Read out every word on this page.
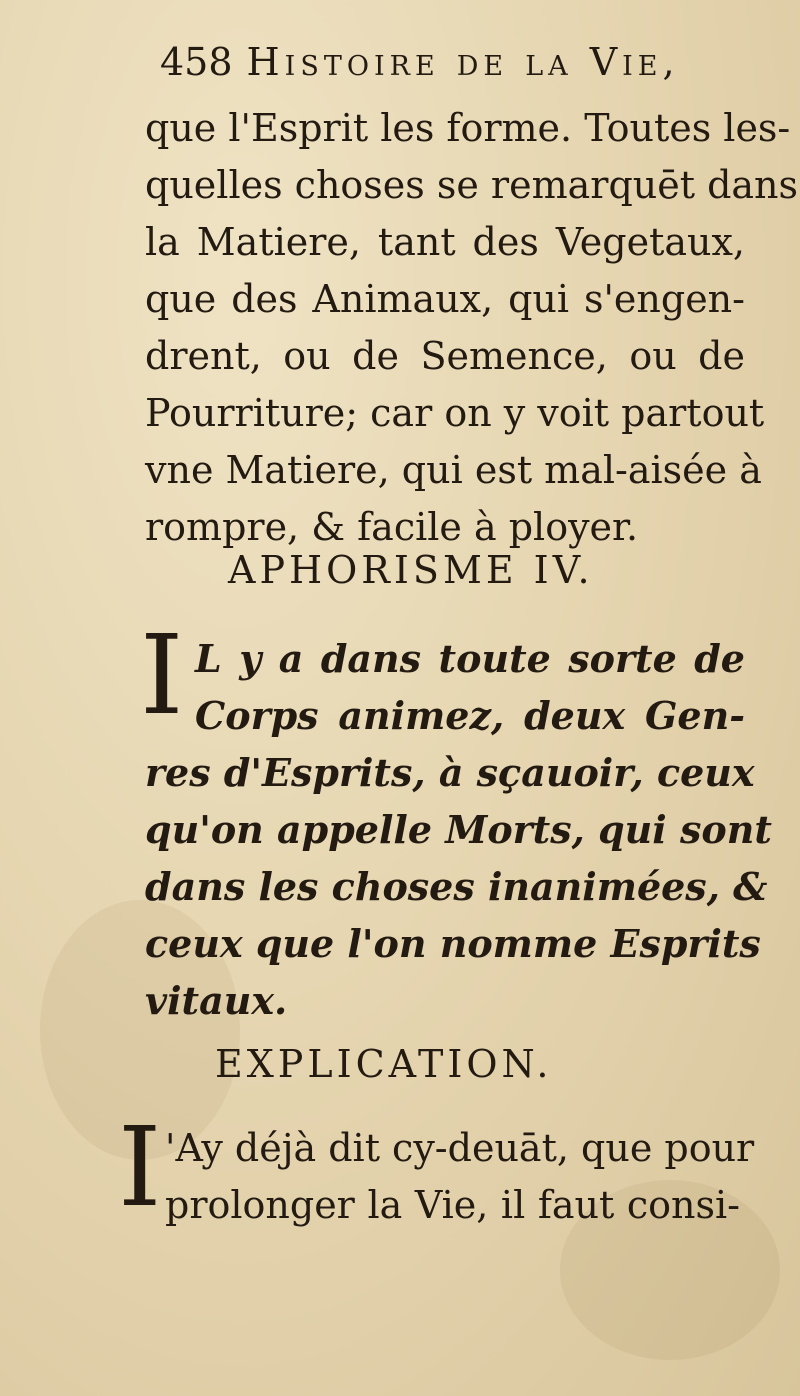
458 Histoire de la Vie,
que l'Esprit les forme. Toutes les-
quelles choses se remarquēt dans
la Matiere, tant des Vegetaux,
que des Animaux, qui s'engen-
drent, ou de Semence, ou de
Pourriture; car on y voit partout
vne Matiere, qui est mal-aisée à
rompre, & facile à ployer.
APHORISME IV.
I L y a dans toute sorte de
Corps animez, deux Gen-
res d'Esprits, à sçauoir, ceux
qu'on appelle Morts, qui sont
dans les choses inanimées, &
ceux que l'on nomme Esprits
vitaux.
EXPLICATION.
I 'Ay déjà dit cy-deuāt, que pour
prolonger la Vie, il faut consi-
